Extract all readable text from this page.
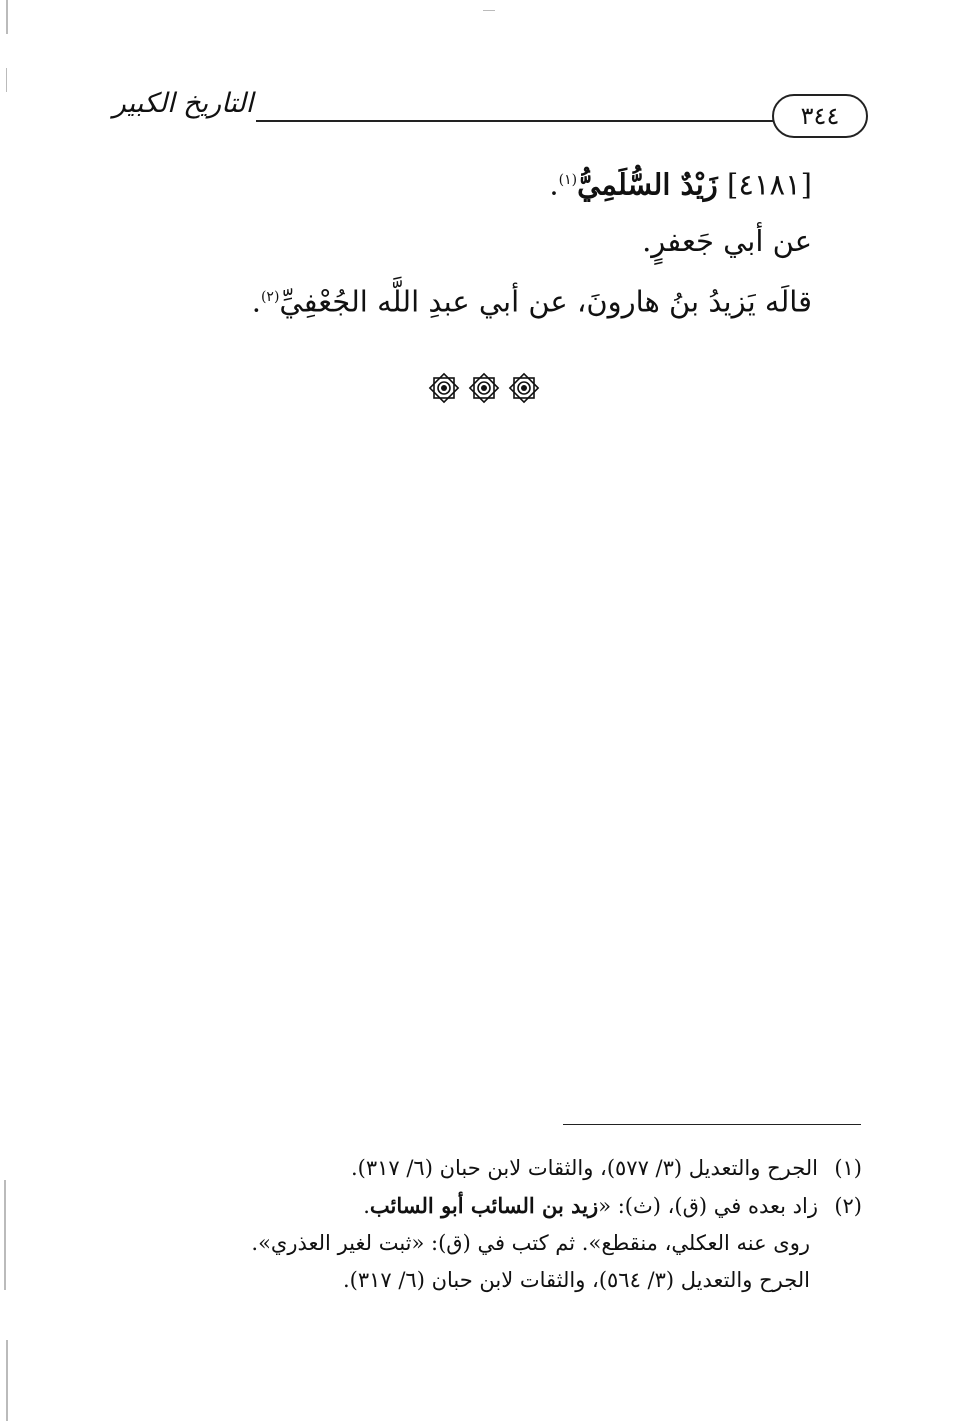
التاريخ الكبير	٣٤٤
[٤١٨١] زَيْدٌ السُّلَمِيُّ$^{(١)}$.
عن أبي جَعفرٍ.
قالَه يَزيدُ بنُ هارونَ، عن أبي عبدِ اللَّه الجُعْفِيِّ$^{(٢)}$.
(١)الجرح والتعديل (٣/ ٥٧٧)، والثقات لابن حبان (٦/ ٣١٧).
(٢)زاد بعده في (ق)، (ث): «زيد بن السائب أبو السائب.
روى عنه العكلي، منقطع». ثم كتب في (ق): «ثبت لغير العذري».
الجرح والتعديل (٣/ ٥٦٤)، والثقات لابن حبان (٦/ ٣١٧).
